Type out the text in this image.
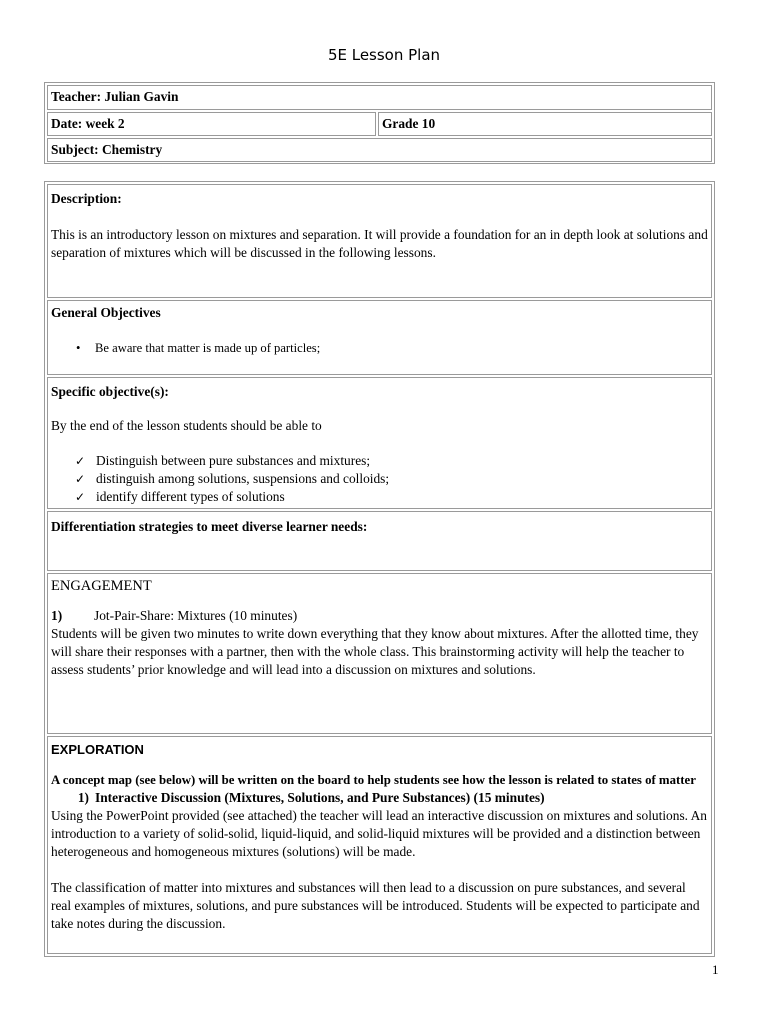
5E Lesson Plan
Teacher: Julian Gavin
Date: week 2	Grade 10
Subject: Chemistry

Description:

This is an introductory lesson on mixtures and separation. It will provide a foundation for an in depth look at solutions and separation of mixtures which will be discussed in the following lessons.

General Objectives

• Be aware that matter is made up of particles;

Specific objective(s):

By the end of the lesson students should be able to

✓ Distinguish between pure substances and mixtures;
✓ distinguish among solutions, suspensions and colloids;
✓ identify different types of solutions

Differentiation strategies to meet diverse learner needs:

ENGAGEMENT

1) Jot-Pair-Share: Mixtures (10 minutes)

Students will be given two minutes to write down everything that they know about mixtures. After the allotted time, they will share their responses with a partner, then with the whole class. This brainstorming activity will help the teacher to assess students’ prior knowledge and will lead into a discussion on mixtures and solutions.

EXPLORATION

A concept map (see below) will be written on the board to help students see how the lesson is related to states of matter

1) Interactive Discussion (Mixtures, Solutions, and Pure Substances) (15 minutes)

Using the PowerPoint provided (see attached) the teacher will lead an interactive discussion on mixtures and solutions. An introduction to a variety of solid-solid, liquid-liquid, and solid-liquid mixtures will be provided and a distinction between heterogeneous and homogeneous mixtures (solutions) will be made.

The classification of matter into mixtures and substances will then lead to a discussion on pure substances, and several real examples of mixtures, solutions, and pure substances will be introduced. Students will be expected to participate and take notes during the discussion.

1
